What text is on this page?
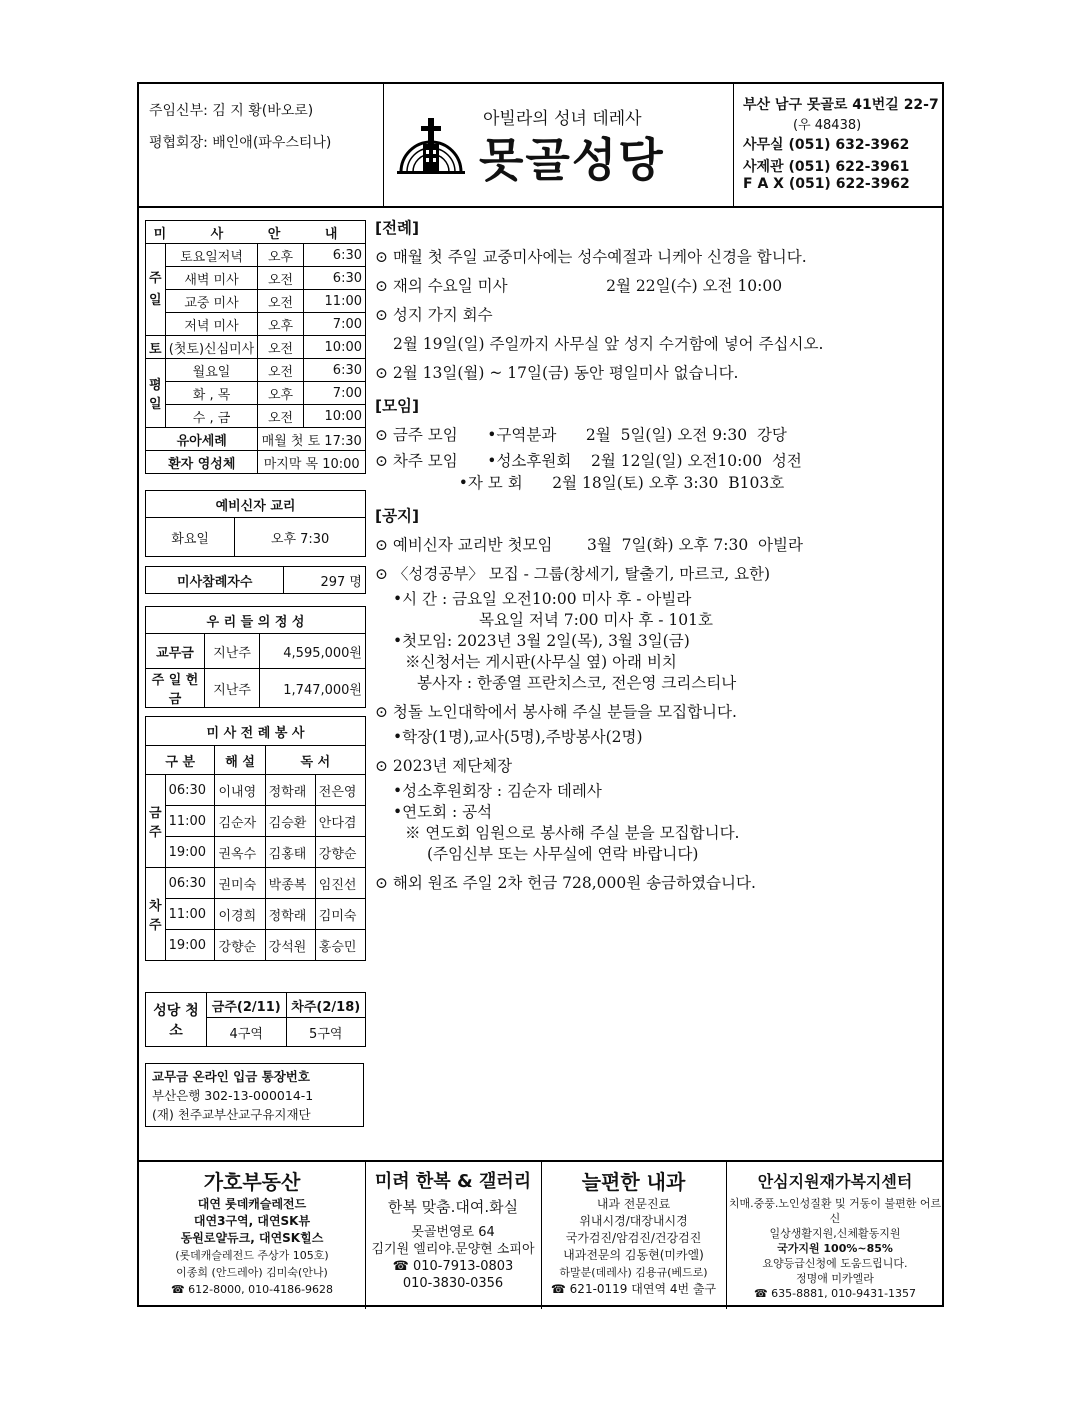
주임신부: 김 지 황(바오로)
평협회장: 배인애(파우스티나)
아빌라의 성녀 데레사
못골성당
부산 남구 못골로 41번길 22-7
(우 48438)
사무실 (051) 632-3962
사제관 (051) 622-3961
F A X (051) 622-3962
미 사 안 내			
주일	토요일저녁	오후	6:30
	새벽 미사	오전	6:30
	교중 미사	오전	11:00
	저녁 미사	오후	7:00
토	(첫토)신심미사	오전	10:00
평일	월요일	오전	6:30
	화 , 목	오후	7:00
	수 , 금	오전	10:00
유아세례		매월 첫 토 17:30	
환자 영성체		마지막 목 10:00	
예비신자 교리
화요일	오후 7:30
미사참례자수	297 명
우 리 들 의 정 성		
교무금	지난주	4,595,000원
주 일 헌 금	지난주	1,747,000원
미 사 전 례 봉 사				
구 분		해 설	독 서	
금주	06:30	이내영	정학래	전은영
	11:00	김순자	김승환	안다겸
	19:00	권옥수	김홍태	강향순
차주	06:30	권미숙	박종복	임진선
	11:00	이경희	정학래	김미숙
	19:00	강향순	강석원	홍승민
성당 청소	금주(2/11)	차주(2/18)
	4구역	5구역
교무금 온라인 입금 통장번호
부산은행 302-13-000014-1
(재) 천주교부산교구유지재단
[전례]
⊙ 매월 첫 주일 교중미사에는 성수예절과 니케아 신경을 합니다.
⊙ 재의 수요일 미사                    2월 22일(수) 오전 10:00
⊙ 성지 가지 회수
2월 19일(일) 주일까지 사무실 앞 성지 수거함에 넣어 주십시오.
⊙ 2월 13일(월) ~ 17일(금) 동안 평일미사 없습니다.
[모임]
⊙ 금주 모임      •구역분과      2월  5일(일) 오전 9:30  강당
⊙ 차주 모임      •성소후원회    2월 12일(일) 오전10:00  성전
•자 모 회      2월 18일(토) 오후 3:30  B103호
[공지]
⊙ 예비신자 교리반 첫모임       3월  7일(화) 오후 7:30  아빌라
⊙ 〈성경공부〉 모집 - 그룹(창세기, 탈출기, 마르코, 요한)
•시 간 : 금요일 오전10:00 미사 후 - 아빌라
목요일 저녁 7:00 미사 후 - 101호
•첫모임: 2023년 3월 2일(목), 3월 3일(금)
※신청서는 게시판(사무실 옆) 아래 비치
봉사자 : 한종열 프란치스코, 전은영 크리스티나
⊙ 청돌 노인대학에서 봉사해 주실 분들을 모집합니다.
•학장(1명),교사(5명),주방봉사(2명)
⊙ 2023년 제단체장
•성소후원회장 : 김순자 데레사
•연도회 : 공석
※ 연도회 임원으로 봉사해 주실 분을 모집합니다.
(주임신부 또는 사무실에 연락 바랍니다)
⊙ 해외 원조 주일 2차 헌금 728,000원 송금하였습니다.
가호부동산
대연 롯데캐슬레전드
대연3구역, 대연SK뷰
동원로얄듀크, 대연SK힐스
(롯데캐슬레전드 주상가 105호)
이종희 (안드레아) 김미숙(안나)
☎ 612-8000, 010-4186-9628
미려 한복 & 갤러리
한복 맞춤.대여.화실
못골번영로 64
김기원 엘리야.문양현 소피아
☎ 010-7913-0803
010-3830-0356
늘편한 내과
내과 전문진료
위내시경/대장내시경
국가검진/암검진/건강검진
내과전문의 김동현(미카엘)
하말분(데레사) 김용규(베드로)
☎ 621-0119 대연역 4번 출구
안심지원재가복지센터
치매.중풍.노인성질환 및 거동이 불편한 어르신
일상생활지원,신체활동지원
국가지원 100%~85%
요양등급신청에 도움드립니다.
정명애 미카엘라
☎ 635-8881, 010-9431-1357
